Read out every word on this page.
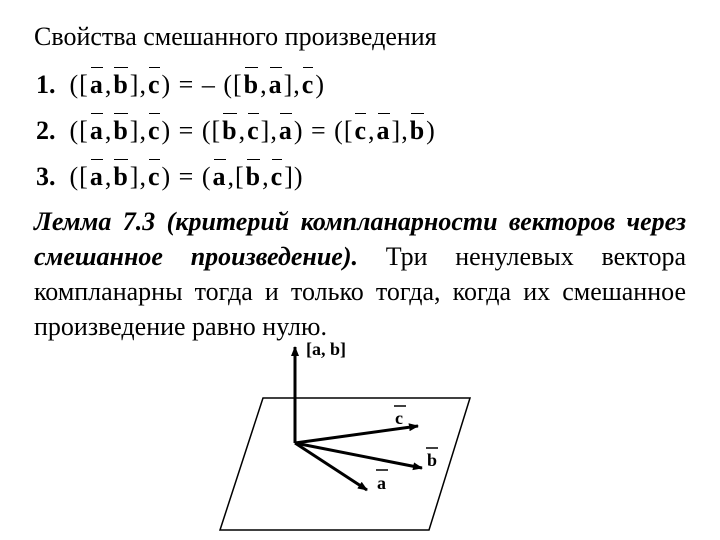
Свойства смешанного произведения
1. ([a,b],c) = – ([b,a],c)
2. ([a,b],c) = ([b,c],a) = ([c,a],b)
3. ([a,b],c) = (a,[b,c])
Лемма 7.3 (критерий компланарности векторов через смешанное произведение). Три ненулевых вектора компланарны тогда и только тогда, когда их смешанное произведение равно нулю.
[a, b]
c
b
a
